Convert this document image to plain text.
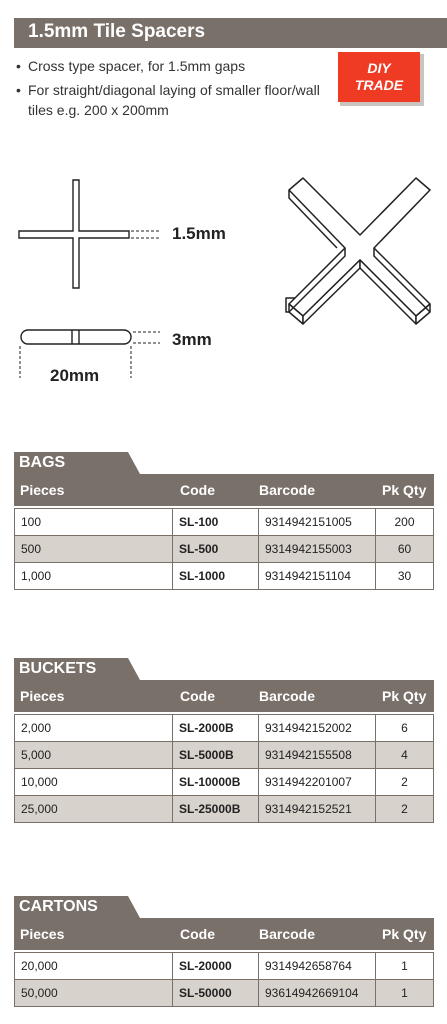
1.5mm Tile Spacers
• Cross type spacer, for 1.5mm gaps
• For straight/diagonal laying of smaller floor/wall tiles e.g. 200 x 200mm
DIY
TRADE
1.5mm
3mm
20mm
BAGS
Pieces	Code	Barcode	Pk Qty
100	SL-100	9314942151005	200
500	SL-500	9314942155003	60
1,000	SL-1000	9314942151104	30
BUCKETS
Pieces	Code	Barcode	Pk Qty
2,000	SL-2000B	9314942152002	6
5,000	SL-5000B	9314942155508	4
10,000	SL-10000B	9314942201007	2
25,000	SL-25000B	9314942152521	2
CARTONS
Pieces	Code	Barcode	Pk Qty
20,000	SL-20000	9314942658764	1
50,000	SL-50000	93614942669104	1
